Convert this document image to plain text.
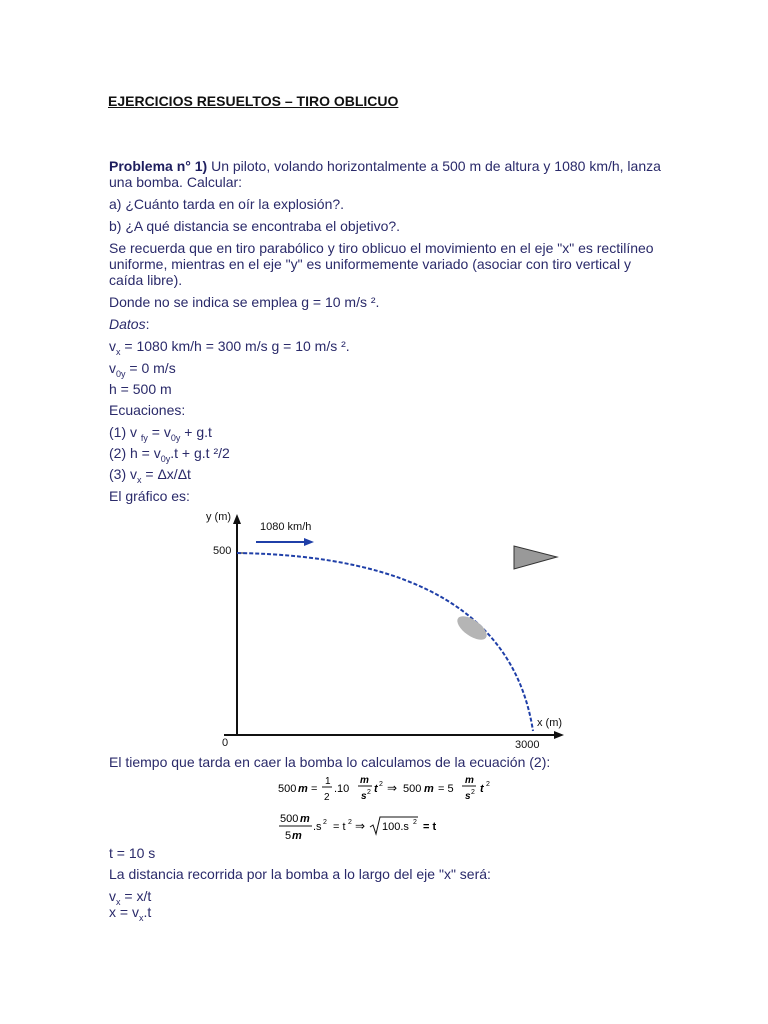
EJERCICIOS RESUELTOS – TIRO OBLICUO
Problema n° 1) Un piloto, volando horizontalmente a 500 m de altura y 1080 km/h, lanza
una bomba. Calcular:
a) ¿Cuánto tarda en oír la explosión?.
b) ¿A qué distancia se encontraba el objetivo?.
Se recuerda que en tiro parabólico y tiro oblicuo el movimiento en el eje "x" es rectilíneo
uniforme, mientras en el eje "y" es uniformemente variado (asociar con tiro vertical y
caída libre).
Donde no se indica se emplea g = 10 m/s ².
Datos:
$v_x = 1080$ km/h = 300 m/s g = 10 m/s ².
$v_{0y} = 0$ m/s
h = 500 m
Ecuaciones:
(1) v $_{fy} = v_{0y} + g.t$
(2) $h = v_{0y}.t + g.t$ ²/2
(3) $v_x = \Delta x/\Delta t$
El gráfico es:
y (m)
x (m)
500
3000
0
1080 km/h
El tiempo que tarda en caer la bomba lo calculamos de la ecuación (2):
500 m =
1
2
.10
m
s 2 t 2 ⇒ 500 m = 5
m
s 2 t 2
500 m
5 m
.s 2 = t 2 ⇒ 100.s 2 = t
t = 10 s
La distancia recorrida por la bomba a lo largo del eje "x" será:
$v_x = x/t$
$x = v_x.t$
